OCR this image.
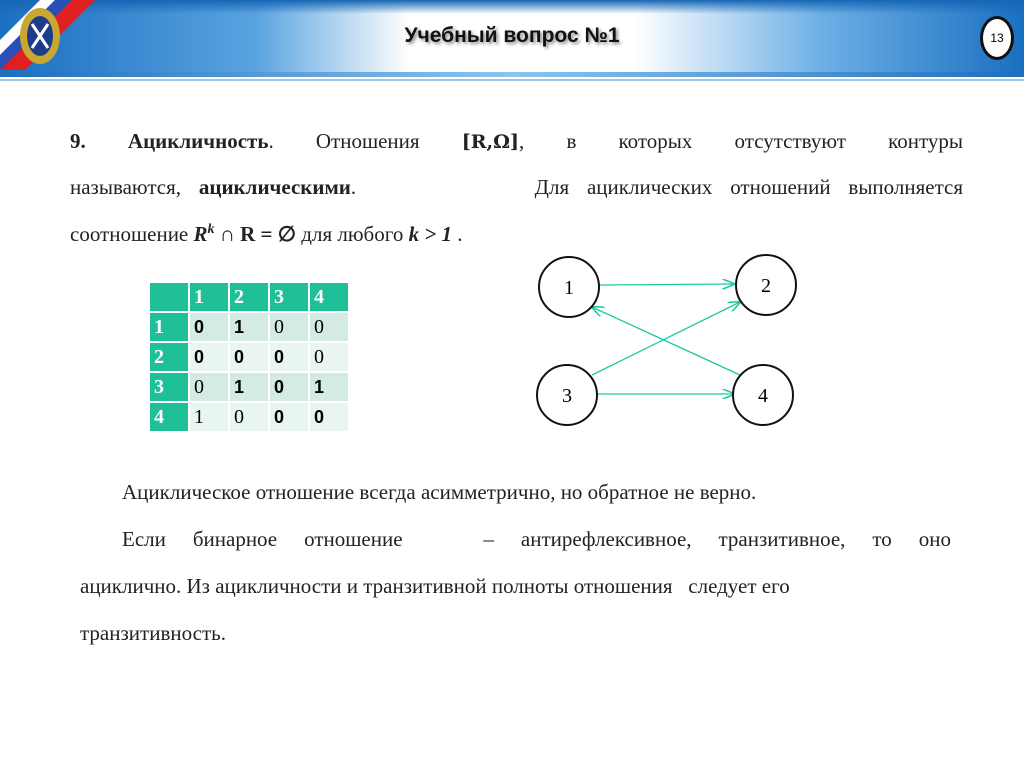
Учебный вопрос №1	13
9. Ацикличность. Отношения [R,Ω], в которых отсутствуют контуры
называются, ациклическими.          Для ациклических отношений выполняется
соотношение $R^k$ ∩ R = ∅ для любого k > 1 .
	1	2	3	4
1	0	1	0	0
2	0	0	0	0
3	0	1	0	1
4	1	0	0	0
1	2
3	4
Ациклическое отношение всегда асимметрично, но обратное не верно.
Если бинарное отношение   – антирефлексивное, транзитивное, то оно
ациклично. Из ацикличности и транзитивной полноты отношения   следует его
транзитивность.
